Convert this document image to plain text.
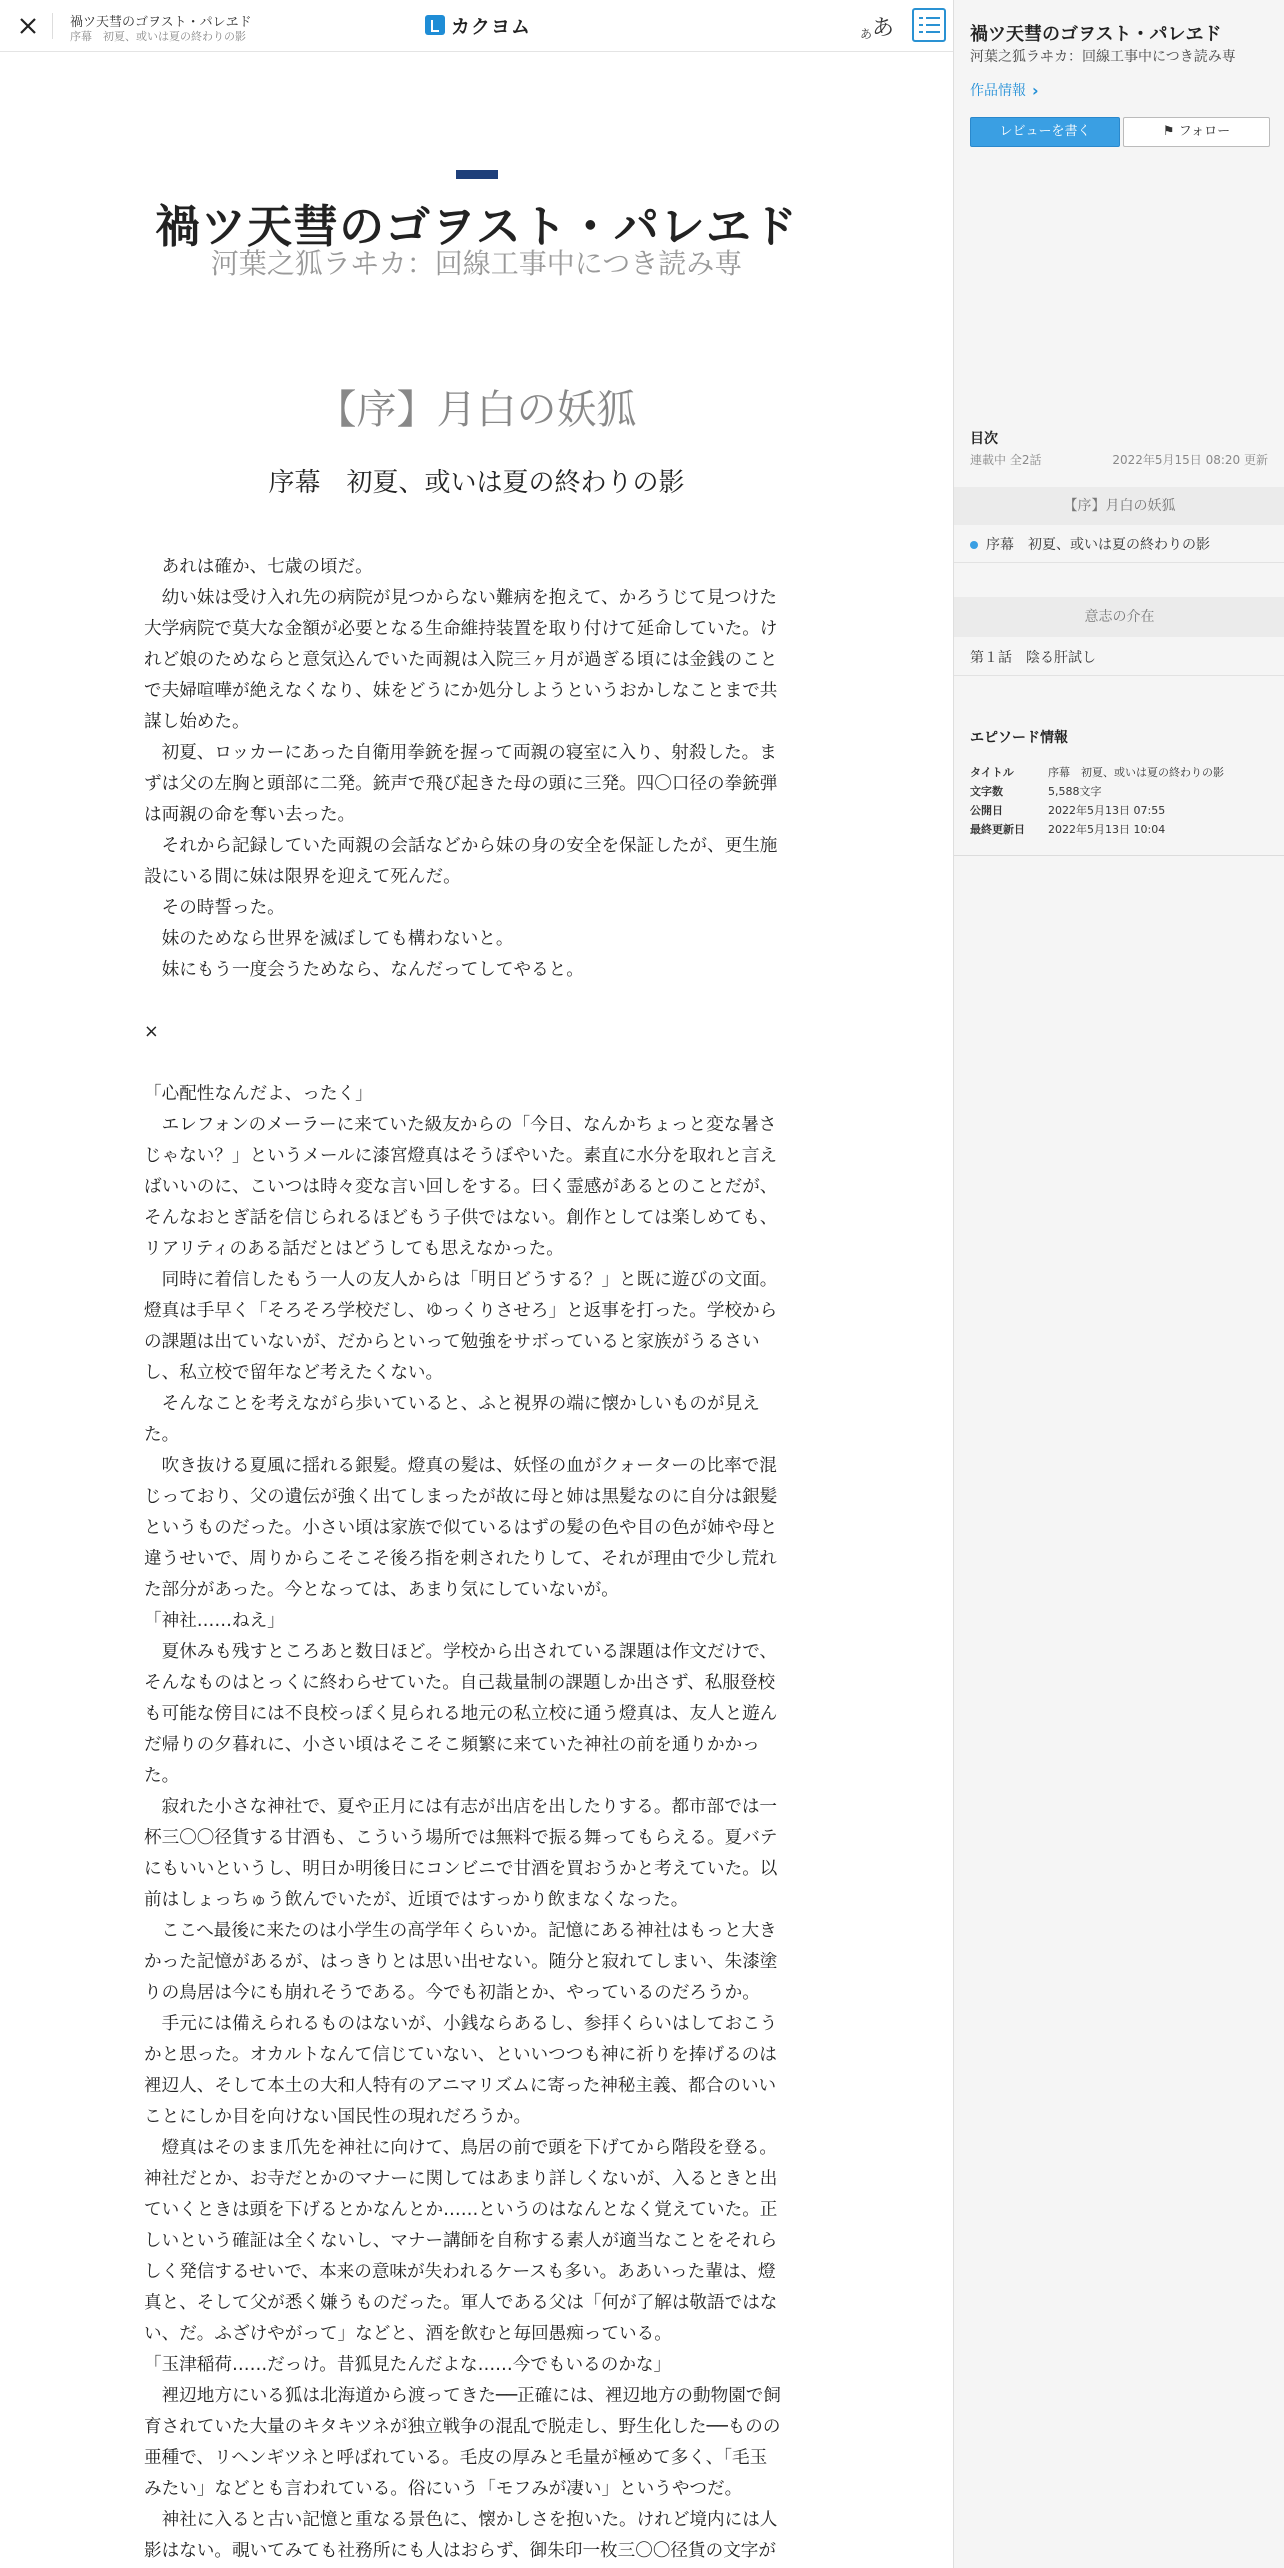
禍ツ天彗のゴヲスト・パレヱド
序幕　初夏、或いは夏の終わりの影	カクヨム	あ あ
禍ツ天彗のゴヲスト・パレヱド
河葉之狐ラヰカ：回線工事中につき読み専
【序】月白の妖狐
序幕　初夏、或いは夏の終わりの影

　あれは確か、七歳の頃だ。

　幼い妹は受け入れ先の病院が見つからない難病を抱えて、かろうじて見つけた

大学病院で莫大な金額が必要となる生命維持装置を取り付けて延命していた。け

れど娘のためならと意気込んでいた両親は入院三ヶ月が過ぎる頃には金銭のこと

で夫婦喧嘩が絶えなくなり、妹をどうにか処分しようというおかしなことまで共

謀し始めた。

　初夏、ロッカーにあった自衛用拳銃を握って両親の寝室に入り、射殺した。ま

ずは父の左胸と頭部に二発。銃声で飛び起きた母の頭に三発。四〇口径の拳銃弾

は両親の命を奪い去った。

　それから記録していた両親の会話などから妹の身の安全を保証したが、更生施

設にいる間に妹は限界を迎えて死んだ。

　その時誓った。

　妹のためなら世界を滅ぼしても構わないと。

　妹にもう一度会うためなら、なんだってしてやると。

×

「心配性なんだよ、ったく」

　エレフォンのメーラーに来ていた級友からの「今日、なんかちょっと変な暑さ

じゃない？」というメールに漆宮燈真はそうぼやいた。素直に水分を取れと言え

ばいいのに、こいつは時々変な言い回しをする。曰く霊感があるとのことだが、

そんなおとぎ話を信じられるほどもう子供ではない。創作としては楽しめても、

リアリティのある話だとはどうしても思えなかった。

　同時に着信したもう一人の友人からは「明日どうする？」と既に遊びの文面。

燈真は手早く「そろそろ学校だし、ゆっくりさせろ」と返事を打った。学校から

の課題は出ていないが、だからといって勉強をサボっていると家族がうるさい

し、私立校で留年など考えたくない。

　そんなことを考えながら歩いていると、ふと視界の端に懐かしいものが見え

た。

　吹き抜ける夏風に揺れる銀髪。燈真の髪は、妖怪の血がクォーターの比率で混

じっており、父の遺伝が強く出てしまったが故に母と姉は黒髪なのに自分は銀髪

というものだった。小さい頃は家族で似ているはずの髪の色や目の色が姉や母と

違うせいで、周りからこそこそ後ろ指を刺されたりして、それが理由で少し荒れ

た部分があった。今となっては、あまり気にしていないが。

「神社……ねえ」

　夏休みも残すところあと数日ほど。学校から出されている課題は作文だけで、

そんなものはとっくに終わらせていた。自己裁量制の課題しか出さず、私服登校

も可能な傍目には不良校っぽく見られる地元の私立校に通う燈真は、友人と遊ん

だ帰りの夕暮れに、小さい頃はそこそこ頻繁に来ていた神社の前を通りかかっ

た。

　寂れた小さな神社で、夏や正月には有志が出店を出したりする。都市部では一

杯三〇〇径貨する甘酒も、こういう場所では無料で振る舞ってもらえる。夏バテ

にもいいというし、明日か明後日にコンビニで甘酒を買おうかと考えていた。以

前はしょっちゅう飲んでいたが、近頃ではすっかり飲まなくなった。

　ここへ最後に来たのは小学生の高学年くらいか。記憶にある神社はもっと大き

かった記憶があるが、はっきりとは思い出せない。随分と寂れてしまい、朱漆塗

りの鳥居は今にも崩れそうである。今でも初詣とか、やっているのだろうか。

　手元には備えられるものはないが、小銭ならあるし、参拝くらいはしておこう

かと思った。オカルトなんて信じていない、といいつつも神に祈りを捧げるのは

裡辺人、そして本土の大和人特有のアニマリズムに寄った神秘主義、都合のいい

ことにしか目を向けない国民性の現れだろうか。

　燈真はそのまま爪先を神社に向けて、鳥居の前で頭を下げてから階段を登る。

神社だとか、お寺だとかのマナーに関してはあまり詳しくないが、入るときと出

ていくときは頭を下げるとかなんとか……というのはなんとなく覚えていた。正

しいという確証は全くないし、マナー講師を自称する素人が適当なことをそれら

しく発信するせいで、本来の意味が失われるケースも多い。ああいった輩は、燈

真と、そして父が悉く嫌うものだった。軍人である父は「何が了解は敬語ではな

い、だ。ふざけやがって」などと、酒を飲むと毎回愚痴っている。

「玉津稲荷……だっけ。昔狐見たんだよな……今でもいるのかな」

　裡辺地方にいる狐は北海道から渡ってきた──正確には、裡辺地方の動物園で飼

育されていた大量のキタキツネが独立戦争の混乱で脱走し、野生化した──ものの

亜種で、リヘンギツネと呼ばれている。毛皮の厚みと毛量が極めて多く、「毛玉

みたい」などとも言われている。俗にいう「モフみが凄い」というやつだ。

　神社に入ると古い記憶と重なる景色に、懐かしさを抱いた。けれど境内には人

影はない。覗いてみても社務所にも人はおらず、御朱印一枚三〇〇径貨の文字が

禍ツ天彗のゴヲスト・パレヱド
河葉之狐ラヰカ：回線工事中につき読み専
作品情報 ›
レビューを書く	⚑ フォロー
目次
連載中 全2話	2022年5月15日 08:20 更新
【序】月白の妖狐
序幕　初夏、或いは夏の終わりの影
意志の介在
第１話　陰る肝試し
エピソード情報
タイトル	序幕　初夏、或いは夏の終わりの影
文字数	5,588文字
公開日	2022年5月13日 07:55
最終更新日	2022年5月13日 10:04
